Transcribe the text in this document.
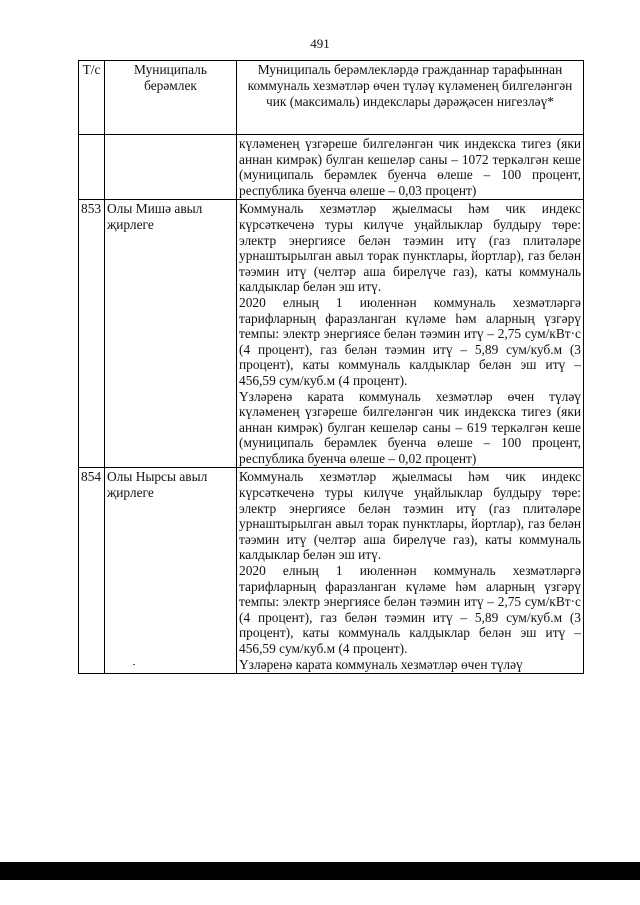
491
Т/с	Муниципаль берәмлек	Муниципаль берәмлекләрдә гражданнар тарафыннан коммуналь хезмәтләр өчен түләү күләменең билгеләнгән чик (максималь) индекслары дәрәҗәсен нигезләү*

		күләменең үзгәреше билгеләнгән чик индекска тигез (яки аннан кимрәк) булган кешеләр саны – 1072 теркәлгән кеше (муниципаль берәмлек буенча өлеше – 100 процент, республика буенча өлеше – 0,03 процент)

853	Олы Мишә авыл җирлеге	Коммуналь хезмәтләр җыелмасы һәм чик индекс күрсәткеченә туры килүче уңайлыклар булдыру төре: электр энергиясе белән тәэмин итү (газ плитәләре урнаштырылган авыл торак пунктлары, йортлар), газ белән тәэмин итү (челтәр аша бирелүче газ), каты коммуналь калдыклар белән эш итү.

2020 елның 1 июленнән коммуналь хезмәтләргә тарифларның фаразланган күләме һәм аларның үзгәрү темпы: электр энергиясе белән тәэмин итү – 2,75 сум/кВт·с (4 процент), газ белән тәэмин итү – 5,89 сум/куб.м (3 процент), каты коммуналь калдыклар белән эш итү – 456,59 сум/куб.м (4 процент).

Үзләренә карата коммуналь хезмәтләр өчен түләү күләменең үзгәреше билгеләнгән чик индекска тигез (яки аннан кимрәк) булган кешеләр саны – 619 теркәлгән кеше (муниципаль берәмлек буенча өлеше – 100 процент, республика буенча өлеше – 0,02 процент)

854	Олы Нырсы авыл җирлеге	Коммуналь хезмәтләр җыелмасы һәм чик индекс күрсәткеченә туры килүче уңайлыклар булдыру төре: электр энергиясе белән тәэмин итү (газ плитәләре урнаштырылган авыл торак пунктлары, йортлар), газ белән тәэмин итү (челтәр аша бирелүче газ), каты коммуналь калдыклар белән эш итү.

2020 елның 1 июленнән коммуналь хезмәтләргә тарифларның фаразланган күләме һәм аларның үзгәрү темпы: электр энергиясе белән тәэмин итү – 2,75 сум/кВт·с (4 процент), газ белән тәэмин итү – 5,89 сум/куб.м (3 процент), каты коммуналь калдыклар белән эш итү – 456,59 сум/куб.м (4 процент).

Үзләренә карата коммуналь хезмәтләр өчен түләү
